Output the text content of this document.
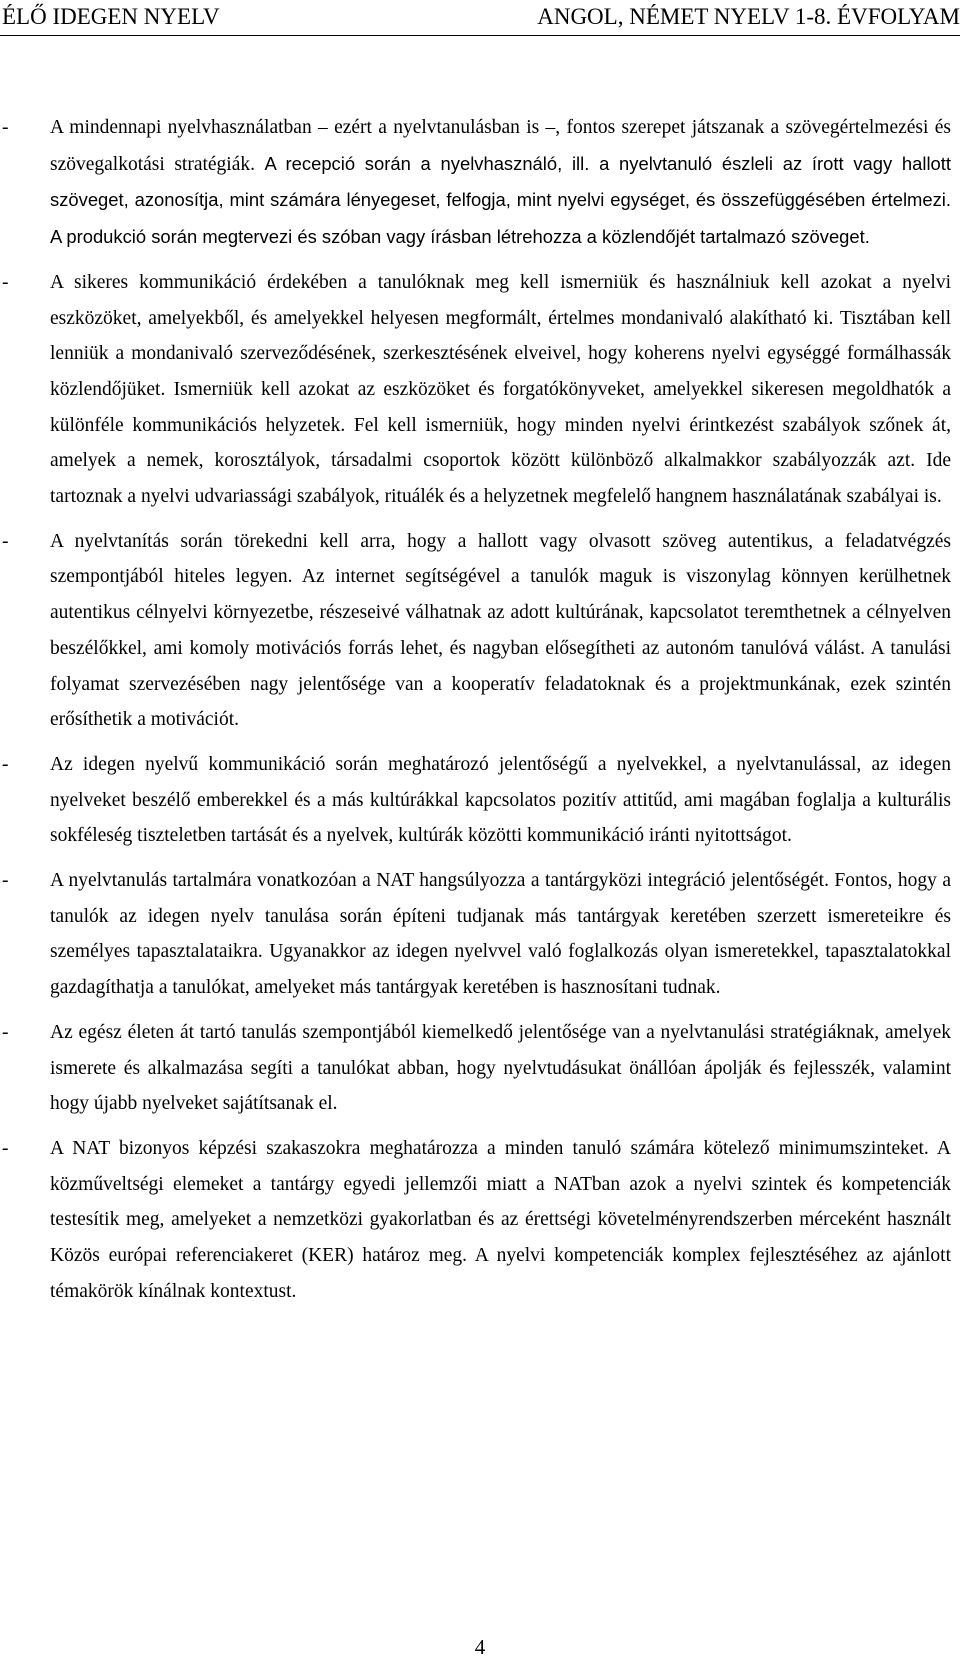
ÉLŐ IDEGEN NYELV	ANGOL, NÉMET NYELV 1-8. ÉVFOLYAM
- A mindennapi nyelvhasználatban – ezért a nyelvtanulásban is –, fontos szerepet játszanak a szövegértelmezési és szövegalkotási stratégiák. A recepció során a nyelvhasználó, ill. a nyelvtanuló észleli az írott vagy hallott szöveget, azonosítja, mint számára lényegeset, felfogja, mint nyelvi egységet, és összefüggésében értelmezi. A produkció során megtervezi és szóban vagy írásban létrehozza a közlendőjét tartalmazó szöveget.
- A sikeres kommunikáció érdekében a tanulóknak meg kell ismerniük és használniuk kell azokat a nyelvi eszközöket, amelyekből, és amelyekkel helyesen megformált, értelmes mondanivaló alakítható ki. Tisztában kell lenniük a mondanivaló szerveződésének, szerkesztésének elveivel, hogy koherens nyelvi egységgé formálhassák közlendőjüket. Ismerniük kell azokat az eszközöket és forgatókönyveket, amelyekkel sikeresen megoldhatók a különféle kommunikációs helyzetek. Fel kell ismerniük, hogy minden nyelvi érintkezést szabályok szőnek át, amelyek a nemek, korosztályok, társadalmi csoportok között különböző alkalmakkor szabályozzák azt. Ide tartoznak a nyelvi udvariassági szabályok, rituálék és a helyzetnek megfelelő hangnem használatának szabályai is.
- A nyelvtanítás során törekedni kell arra, hogy a hallott vagy olvasott szöveg autentikus, a feladatvégzés szempontjából hiteles legyen. Az internet segítségével a tanulók maguk is viszonylag könnyen kerülhetnek autentikus célnyelvi környezetbe, részeseivé válhatnak az adott kultúrának, kapcsolatot teremthetnek a célnyelven beszélőkkel, ami komoly motivációs forrás lehet, és nagyban elősegítheti az autonóm tanulóvá válást. A tanulási folyamat szervezésében nagy jelentősége van a kooperatív feladatoknak és a projektmunkának, ezek szintén erősíthetik a motivációt.
- Az idegen nyelvű kommunikáció során meghatározó jelentőségű a nyelvekkel, a nyelvtanulással, az idegen nyelveket beszélő emberekkel és a más kultúrákkal kapcsolatos pozitív attitűd, ami magában foglalja a kulturális sokféleség tiszteletben tartását és a nyelvek, kultúrák közötti kommunikáció iránti nyitottságot.
- A nyelvtanulás tartalmára vonatkozóan a NAT hangsúlyozza a tantárgyközi integráció jelentőségét. Fontos, hogy a tanulók az idegen nyelv tanulása során építeni tudjanak más tantárgyak keretében szerzett ismereteikre és személyes tapasztalataikra. Ugyanakkor az idegen nyelvvel való foglalkozás olyan ismeretekkel, tapasztalatokkal gazdagíthatja a tanulókat, amelyeket más tantárgyak keretében is hasznosítani tudnak.
- Az egész életen át tartó tanulás szempontjából kiemelkedő jelentősége van a nyelvtanulási stratégiáknak, amelyek ismerete és alkalmazása segíti a tanulókat abban, hogy nyelvtudásukat önállóan ápolják és fejlesszék, valamint hogy újabb nyelveket sajátítsanak el.
- A NAT bizonyos képzési szakaszokra meghatározza a minden tanuló számára kötelező minimumszinteket. A közműveltségi elemeket a tantárgy egyedi jellemzői miatt a NATban azok a nyelvi szintek és kompetenciák testesítik meg, amelyeket a nemzetközi gyakorlatban és az érettségi követelményrendszerben mérceként használt Közös európai referenciakeret (KER) határoz meg. A nyelvi kompetenciák komplex fejlesztéséhez az ajánlott témakörök kínálnak kontextust.
4
